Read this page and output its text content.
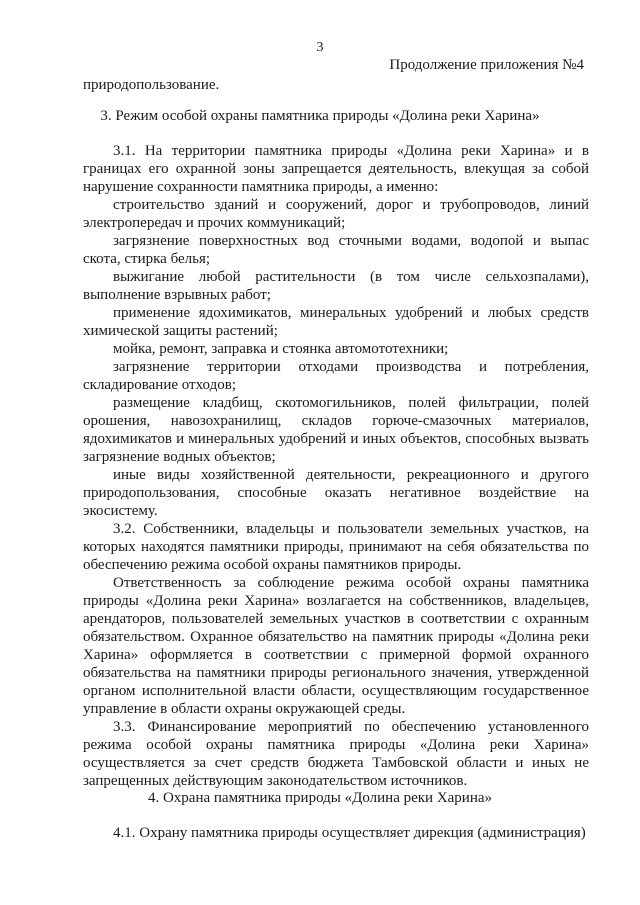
3
Продолжение приложения №4

природопользование.

3. Режим особой охраны памятника природы «Долина реки Харина»

3.1. На территории памятника природы «Долина реки Харина» и в границах его охранной зоны запрещается деятельность, влекущая за собой нарушение сохранности памятника природы, а именно:

строительство зданий и сооружений, дорог и трубопроводов, линий электропередач и прочих коммуникаций;

загрязнение поверхностных вод сточными водами, водопой и выпас скота, стирка белья;

выжигание любой растительности (в том числе сельхозпалами), выполнение взрывных работ;

применение ядохимикатов, минеральных удобрений и любых средств химической защиты растений;

мойка, ремонт, заправка и стоянка автомототехники;

загрязнение территории отходами производства и потребления, складирование отходов;

размещение кладбищ, скотомогильников, полей фильтрации, полей орошения, навозохранилищ, складов горюче-смазочных материалов, ядохимикатов и минеральных удобрений и иных объектов, способных вызвать загрязнение водных объектов;

иные виды хозяйственной деятельности, рекреационного и другого природопользования, способные оказать негативное воздействие на экосистему.

3.2. Собственники, владельцы и пользователи земельных участков, на которых находятся памятники природы, принимают на себя обязательства по обеспечению режима особой охраны памятников природы.

Ответственность за соблюдение режима особой охраны памятника природы «Долина реки Харина» возлагается на собственников, владельцев, арендаторов, пользователей земельных участков в соответствии с охранным обязательством. Охранное обязательство на памятник природы «Долина реки Харина» оформляется в соответствии с примерной формой охранного обязательства на памятники природы регионального значения, утвержденной органом исполнительной власти области, осуществляющим государственное управление в области охраны окружающей среды.

3.3. Финансирование мероприятий по обеспечению установленного режима особой охраны памятника природы «Долина реки Харина» осуществляется за счет средств бюджета Тамбовской области и иных не запрещенных действующим законодательством источников.

4. Охрана памятника природы «Долина реки Харина»

4.1. Охрану памятника природы осуществляет дирекция (администрация)
